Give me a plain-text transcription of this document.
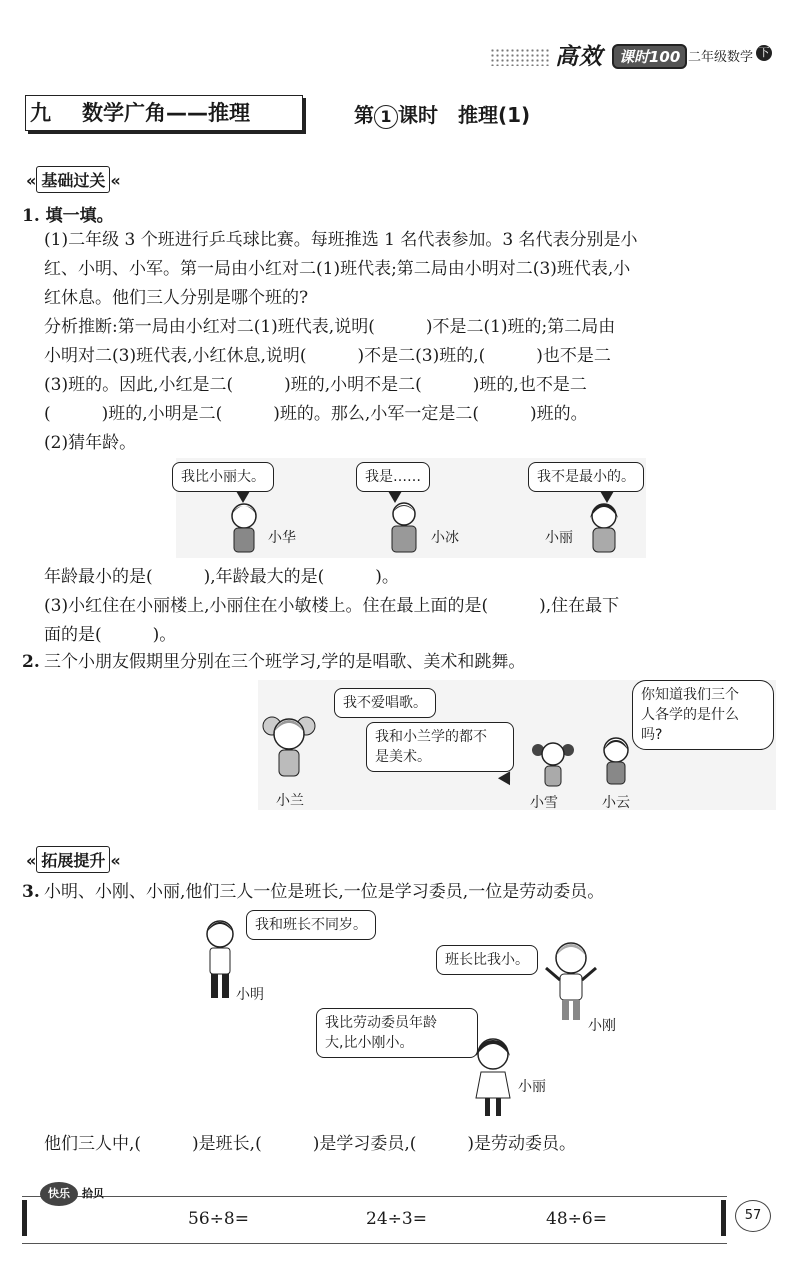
高效	课时100 二年级数学 下
九 数学广角——推理	第 1 课时　推理(1)
« 基础过关 «
1. 填一填。
(1)二年级 3 个班进行乒乓球比赛。每班推选 1 名代表参加。3 名代表分别是小
红、小明、小军。第一局由小红对二(1)班代表;第二局由小明对二(3)班代表,小
红休息。他们三人分别是哪个班的?
分析推断:第一局由小红对二(1)班代表,说明(　　　)不是二(1)班的;第二局由
小明对二(3)班代表,小红休息,说明(　　　)不是二(3)班的,(　　　)也不是二
(3)班的。因此,小红是二(　　　)班的,小明不是二(　　　)班的,也不是二
(　　　)班的,小明是二(　　　)班的。那么,小军一定是二(　　　)班的。
(2)猜年龄。
我比小丽大。	我是……	我不是最小的。
小华	小冰	小丽
年龄最小的是(　　　),年龄最大的是(　　　)。
(3)小红住在小丽楼上,小丽住在小敏楼上。住在最上面的是(　　　),住在最下
面的是(　　　)。
2. 三个小朋友假期里分别在三个班学习,学的是唱歌、美术和跳舞。
我不爱唱歌。
我和小兰学的都不
是美术。
你知道我们三个
人各学的是什么
吗?
小兰	小雪	小云
« 拓展提升 «
3. 小明、小刚、小丽,他们三人一位是班长,一位是学习委员,一位是劳动委员。
我和班长不同岁。
小明
班长比我小。
小刚
我比劳动委员年龄
大,比小刚小。
小丽
他们三人中,(　　　)是班长,(　　　)是学习委员,(　　　)是劳动委员。
快乐	拾贝
56÷8=	24÷3=	48÷6=	57
